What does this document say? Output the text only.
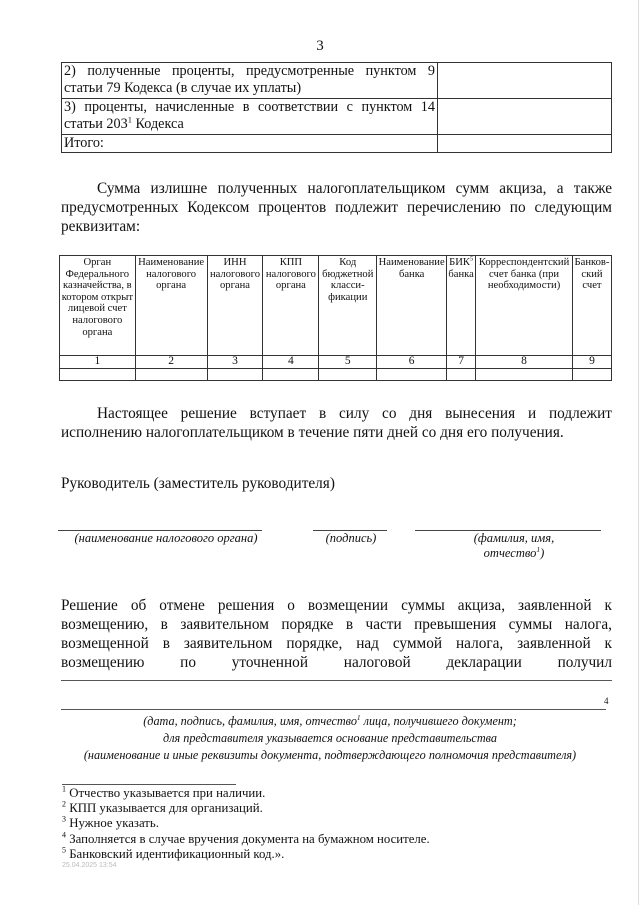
3
2) полученные проценты, предусмотренные пунктом 9
статьи 79 Кодекса (в случае их уплаты)	

3) проценты, начисленные в соответствии с пунктом 14
статьи $203^1$ Кодекса	
Итого:	
Сумма излишне полученных налогоплательщиком сумм акциза, а также предусмотренных Кодексом процентов подлежит перечислению по следующим реквизитам:
Орган Федерального казначейства, в котором открыт лицевой счет налогового органа	Наименование налогового органа	ИНН налогового органа	КПП налогового органа	Код бюджетной класси-фикации	Наименование банка	БИК$^5$ банка	Корреспондентский счет банка (при необходимости)	Банков-ский счет
1	2	3	4	5	6	7	8	9

Настоящее решение вступает в силу со дня вынесения и подлежит исполнению налогоплательщиком в течение пяти дней со дня его получения.
Руководитель (заместитель руководителя)
(наименование налогового органа)	(подпись)	(фамилия, имя,
отчество$^1$)
Решение об отмене решения о возмещении суммы акциза, заявленной к возмещению, в заявительном порядке в части превышения суммы налога, возмещенной в заявительном порядке, над суммой налога, заявленной к возмещению по уточненной налоговой декларации получил
4
(дата, подпись, фамилия, имя, отчество$^1$ лица, получившего документ;
для представителя указывается основание представительства
(наименование и иные реквизиты документа, подтверждающего полномочия представителя)
$^1$ Отчество указывается при наличии.
$^2$ КПП указывается для организаций.
$^3$ Нужное указать.
$^4$ Заполняется в случае вручения документа на бумажном носителе.
$^5$ Банковский идентификационный код.».
25.04.2025 13:54
